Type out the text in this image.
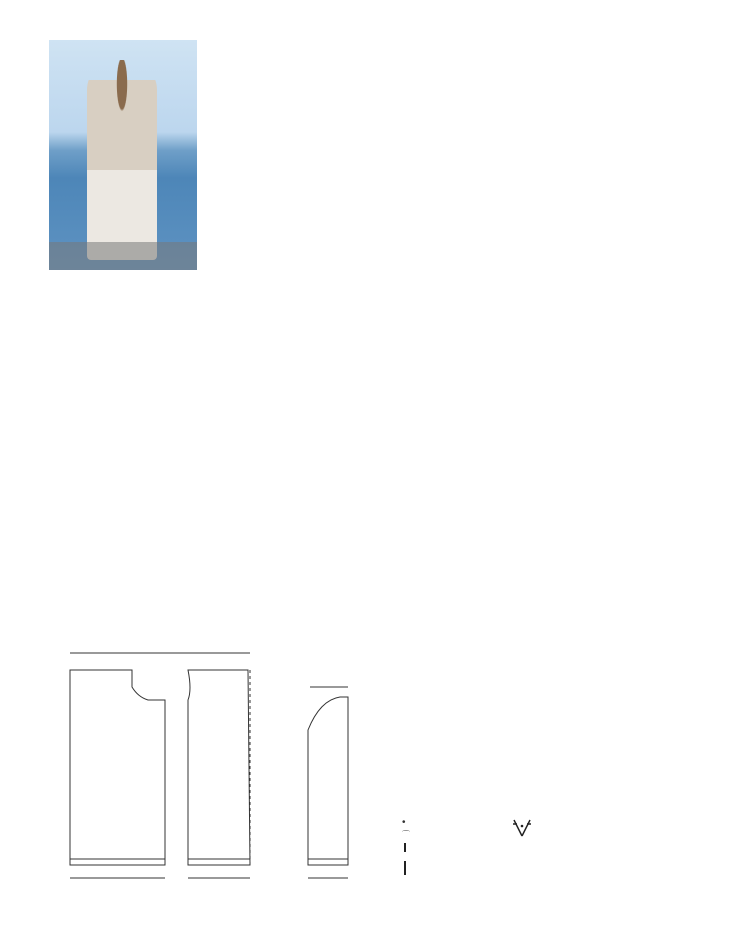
•
⌒
